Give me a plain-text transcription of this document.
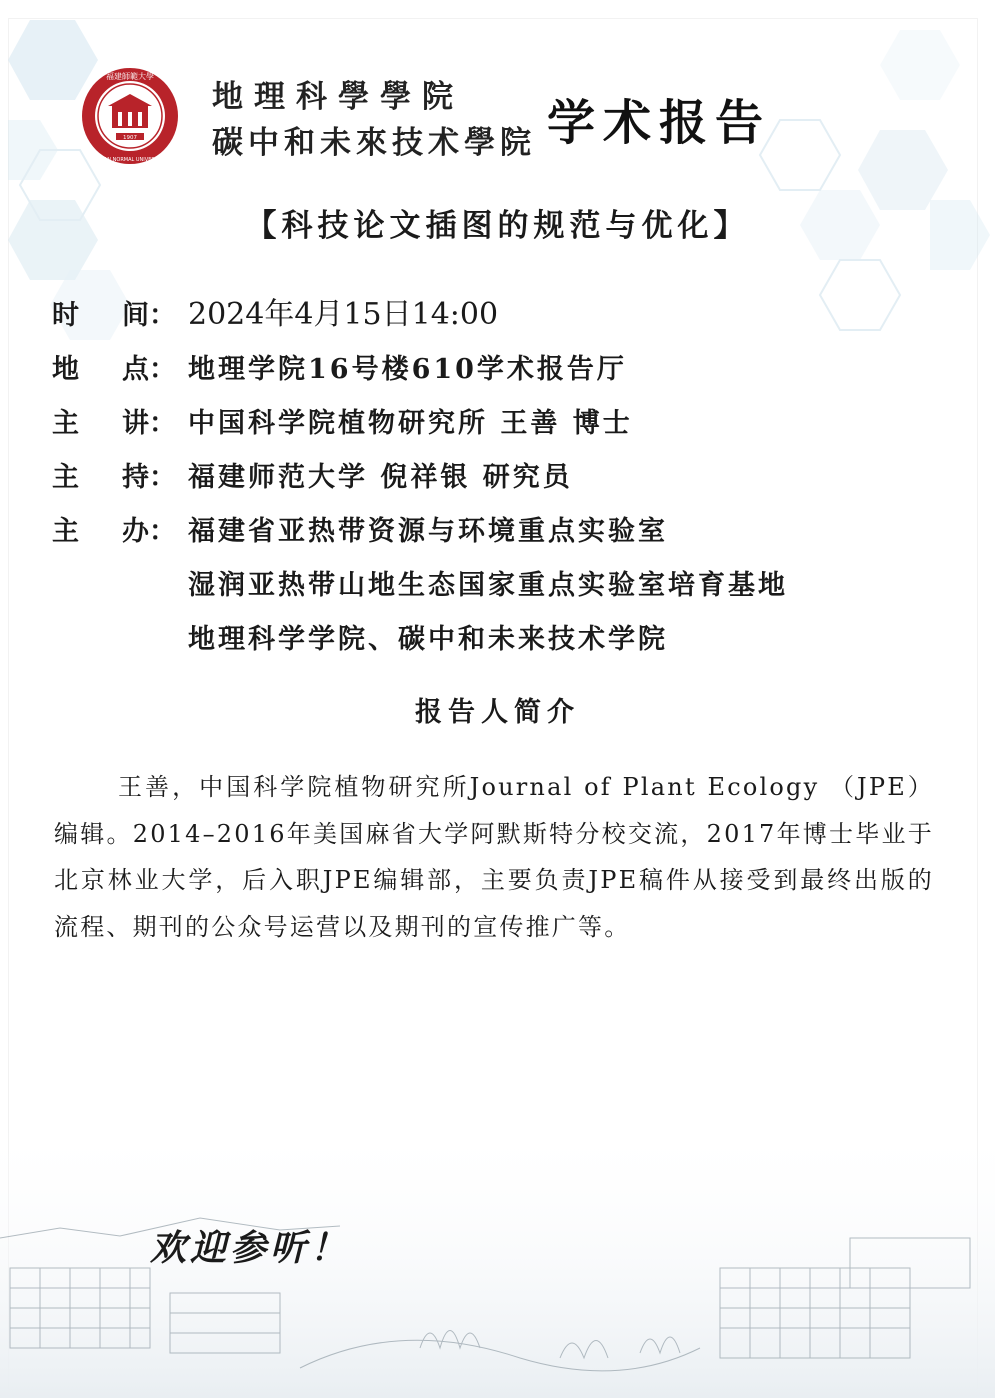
1907
福建師範大學
FUJIAN NORMAL UNIVERSITY
地理科學學院
碳中和未來技术學院 学术报告
【科技论文插图的规范与优化】
时 间： 2024年4月15日14:00
地 点： 地理学院16号楼610学术报告厅
主 讲： 中国科学院植物研究所 王善 博士
主 持： 福建师范大学 倪祥银 研究员
主 办： 福建省亚热带资源与环境重点实验室
湿润亚热带山地生态国家重点实验室培育基地
地理科学学院、碳中和未来技术学院
报告人简介
王善，中国科学院植物研究所Journal of Plant Ecology （JPE）编辑。2014–2016年美国麻省大学阿默斯特分校交流，2017年博士毕业于北京林业大学，后入职JPE编辑部，主要负责JPE稿件从接受到最终出版的流程、期刊的公众号运营以及期刊的宣传推广等。
欢迎参听！
